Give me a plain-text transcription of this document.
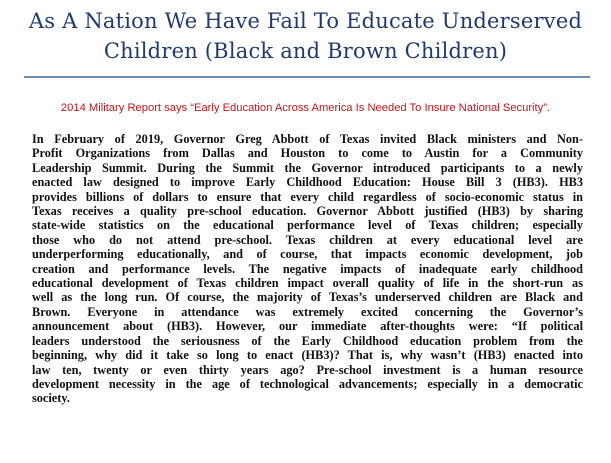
As A Nation We Have Fail To Educate Underserved
Children (Black and Brown Children)

2014 Military Report says “Early Education Across America Is Needed To Insure National Security”.

In February of 2019, Governor Greg Abbott of Texas invited Black ministers and Non-
Profit Organizations from Dallas and Houston to come to Austin for a Community
Leadership Summit. During the Summit the Governor introduced participants to a newly
enacted law designed to improve Early Childhood Education: House Bill 3 (HB3). HB3
provides billions of dollars to ensure that every child regardless of socio-economic status in
Texas receives a quality pre-school education. Governor Abbott justified (HB3) by sharing
state-wide statistics on the educational performance level of Texas children; especially
those who do not attend pre-school. Texas children at every educational level are
underperforming educationally, and of course, that impacts economic development, job
creation and performance levels. The negative impacts of inadequate early childhood
educational development of Texas children impact overall quality of life in the short-run as
well as the long run. Of course, the majority of Texas’s underserved children are Black and
Brown. Everyone in attendance was extremely excited concerning the Governor’s
announcement about (HB3). However, our immediate after-thoughts were: “If political
leaders understood the seriousness of the Early Childhood education problem from the
beginning, why did it take so long to enact (HB3)? That is, why wasn’t (HB3) enacted into
law ten, twenty or even thirty years ago? Pre-school investment is a human resource
development necessity in the age of technological advancements; especially in a democratic
society.
